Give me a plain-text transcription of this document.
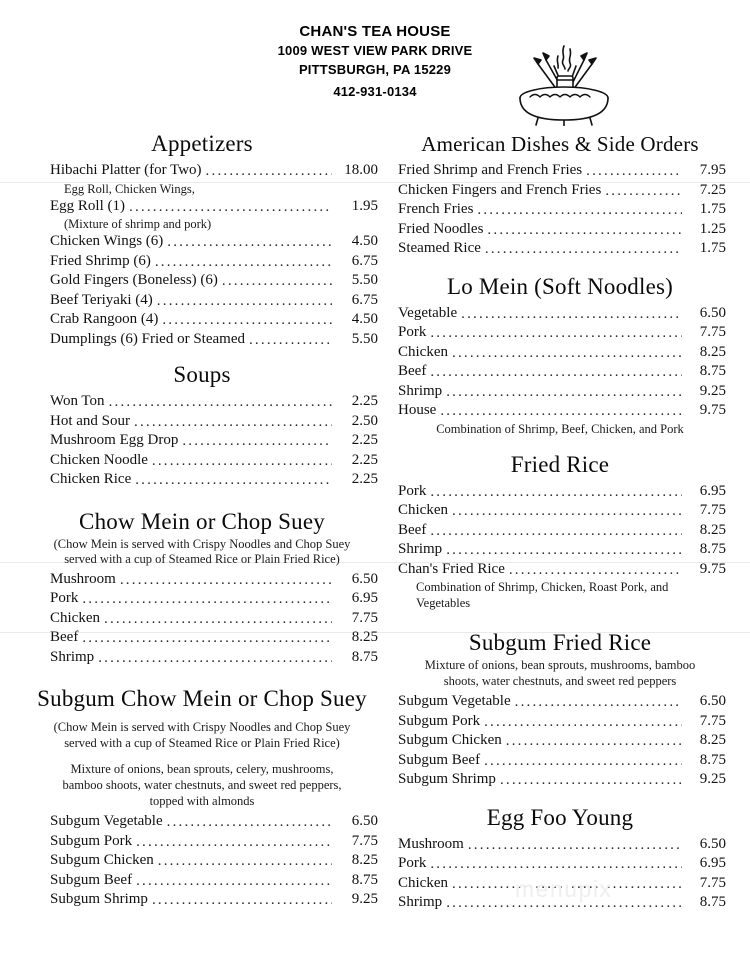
CHAN'S TEA HOUSE
1009 WEST VIEW PARK DRIVE
PITTSBURGH, PA 15229
412-931-0134
Appetizers
Hibachi Platter (for Two) .....	18.00
Egg Roll, Chicken Wings,
Egg Roll (1) .....	1.95
(Mixture of shrimp and pork)
Chicken Wings (6) .....	4.50
Fried Shrimp (6) .....	6.75
Gold Fingers (Boneless) (6) .....	5.50
Beef Teriyaki (4) .....	6.75
Crab Rangoon (4) .....	4.50
Dumplings (6) Fried or Steamed .....	5.50
Soups
Won Ton .....	2.25
Hot and Sour .....	2.50
Mushroom Egg Drop .....	2.25
Chicken Noodle .....	2.25
Chicken Rice .....	2.25
Chow Mein or Chop Suey
(Chow Mein is served with Crispy Noodles and Chop Suey
served with a cup of Steamed Rice or Plain Fried Rice)
Mushroom .....	6.50
Pork .....	6.95
Chicken .....	7.75
Beef .....	8.25
Shrimp .....	8.75
Subgum Chow Mein or Chop Suey
(Chow Mein is served with Crispy Noodles and Chop Suey
served with a cup of Steamed Rice or Plain Fried Rice)
Mixture of onions, bean sprouts, celery, mushrooms,
bamboo shoots, water chestnuts, and sweet red peppers,
topped with almonds
Subgum Vegetable .....	6.50
Subgum Pork .....	7.75
Subgum Chicken .....	8.25
Subgum Beef .....	8.75
Subgum Shrimp .....	9.25
American Dishes & Side Orders
Fried Shrimp and French Fries .....	7.95
Chicken Fingers and French Fries .....	7.25
French Fries .....	1.75
Fried Noodles .....	1.25
Steamed Rice .....	1.75
Lo Mein (Soft Noodles)
Vegetable .....	6.50
Pork .....	7.75
Chicken .....	8.25
Beef .....	8.75
Shrimp .....	9.25
House .....	9.75
Combination of Shrimp, Beef, Chicken, and Pork
Fried Rice
Pork .....	6.95
Chicken .....	7.75
Beef .....	8.25
Shrimp .....	8.75
Chan's Fried Rice .....	9.75
Combination of Shrimp, Chicken, Roast Pork, and
Vegetables
Subgum Fried Rice
Mixture of onions, bean sprouts, mushrooms, bamboo
shoots, water chestnuts, and sweet red peppers
Subgum Vegetable .....	6.50
Subgum Pork .....	7.75
Subgum Chicken .....	8.25
Subgum Beef .....	8.75
Subgum Shrimp .....	9.25
Egg Foo Young
Mushroom .....	6.50
Pork .....	6.95
Chicken .....	7.75
Shrimp .....	8.75
menupix
